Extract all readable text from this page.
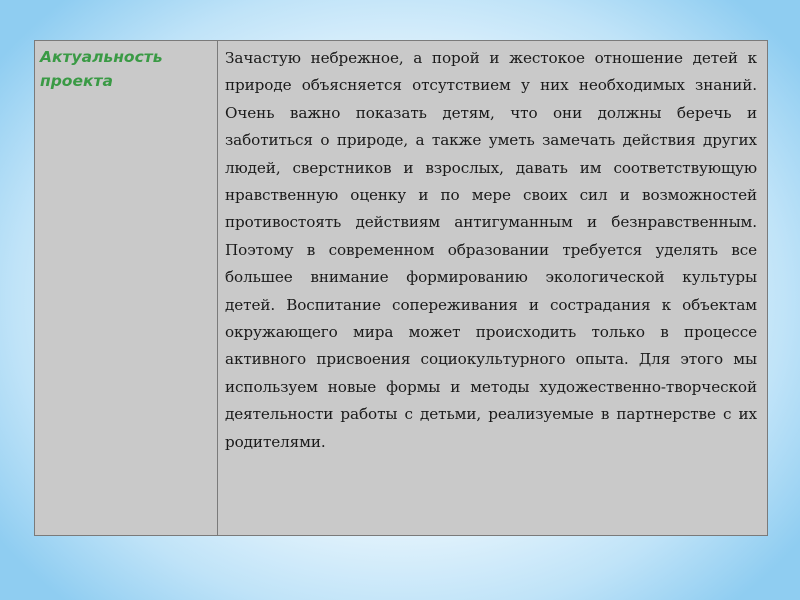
Актуальность
проекта
Зачастую небрежное, а порой и жестокое отношение детей к природе объясняется отсутствием у них необходимых знаний. Очень важно показать детям, что они должны беречь и заботиться о природе, а также уметь замечать действия других людей, сверстников и взрослых, давать им соответствующую нравственную оценку и по мере своих сил и возможностей противостоять действиям антигуманным и безнравственным. Поэтому в современном образовании требуется уделять все большее внимание формированию экологической культуры детей. Воспитание сопереживания и сострадания к объектам окружающего мира может происходить только в процессе активного присвоения социокультурного опыта. Для этого мы используем новые формы и методы художественно-творческой деятельности работы с детьми, реализуемые в партнерстве с их родителями.
